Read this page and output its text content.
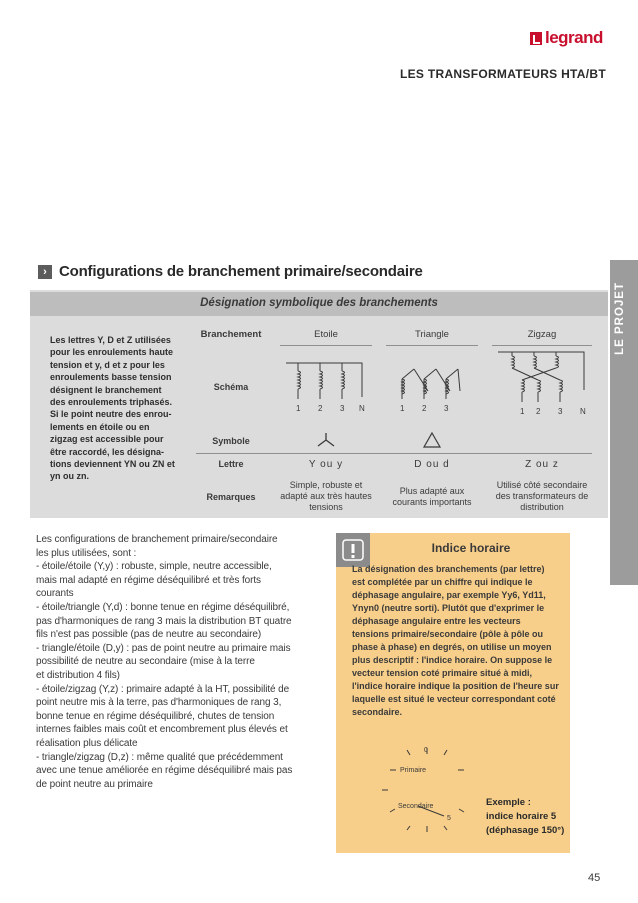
legrand
LES TRANSFORMATEURS HTA/BT
LE PROJET
› Configurations de branchement primaire/secondaire
Désignation symbolique des branchements
Les lettres Y, D et Z utilisées pour les enroulements haute tension et y, d et z pour les enroulements basse tension désignent le branchement des enroulements triphasés. Si le point neutre des enrou-lements en étoile ou en zigzag est accessible pour être raccordé, les désigna-tions deviennent YN ou ZN et yn ou zn.
Branchement		Etoile		Triangle		Zigzag
Schéma		1 2 3 N		1 2 3		1 2 3 N

Symbole						
Lettre		Y ou y		D ou d		Z ou z
Remarques		Simple, robuste et adapté aux très hautes tensions		Plus adapté aux courants importants		Utilisé côté secondaire des transformateurs de distribution
Les configurations de branchement primaire/secondaire
les plus utilisées, sont :
- étoile/étoile (Y,y) : robuste, simple, neutre accessible,
mais mal adapté en régime déséquilibré et très forts
courants
- étoile/triangle (Y,d) : bonne tenue en régime déséquilibré,
pas d'harmoniques de rang 3 mais la distribution BT quatre
fils n'est pas possible (pas de neutre au secondaire)
- triangle/étoile (D,y) : pas de point neutre au primaire mais
possibilité de neutre au secondaire (mise à la terre
et distribution 4 fils)
- étoile/zigzag (Y,z) : primaire adapté à la HT, possibilité de
point neutre mis à la terre, pas d'harmoniques de rang 3,
bonne tenue en régime déséquilibré, chutes de tension
internes faibles mais coût et encombrement plus élevés et
réalisation plus délicate
- triangle/zigzag (D,z) : même qualité que précédemment
avec une tenue améliorée en régime déséquilibré mais pas
de point neutre au primaire
Indice horaire
La désignation des branchements (par lettre) est complétée par un chiffre qui indique le déphasage angulaire, par exemple Yy6, Yd11, Ynyn0 (neutre sorti). Plutôt que d'exprimer le déphasage angulaire entre les vecteurs tensions primaire/secondaire (pôle à pôle ou phase à phase) en degrés, on utilise un moyen plus descriptif : l'indice horaire. On suppose le vecteur tension coté primaire situé à midi, l'indice horaire indique la position de l'heure sur laquelle est situé le vecteur correspondant coté secondaire.
0
Primaire
Secondaire
5
Exemple :
indice horaire 5
(déphasage 150°)
45
